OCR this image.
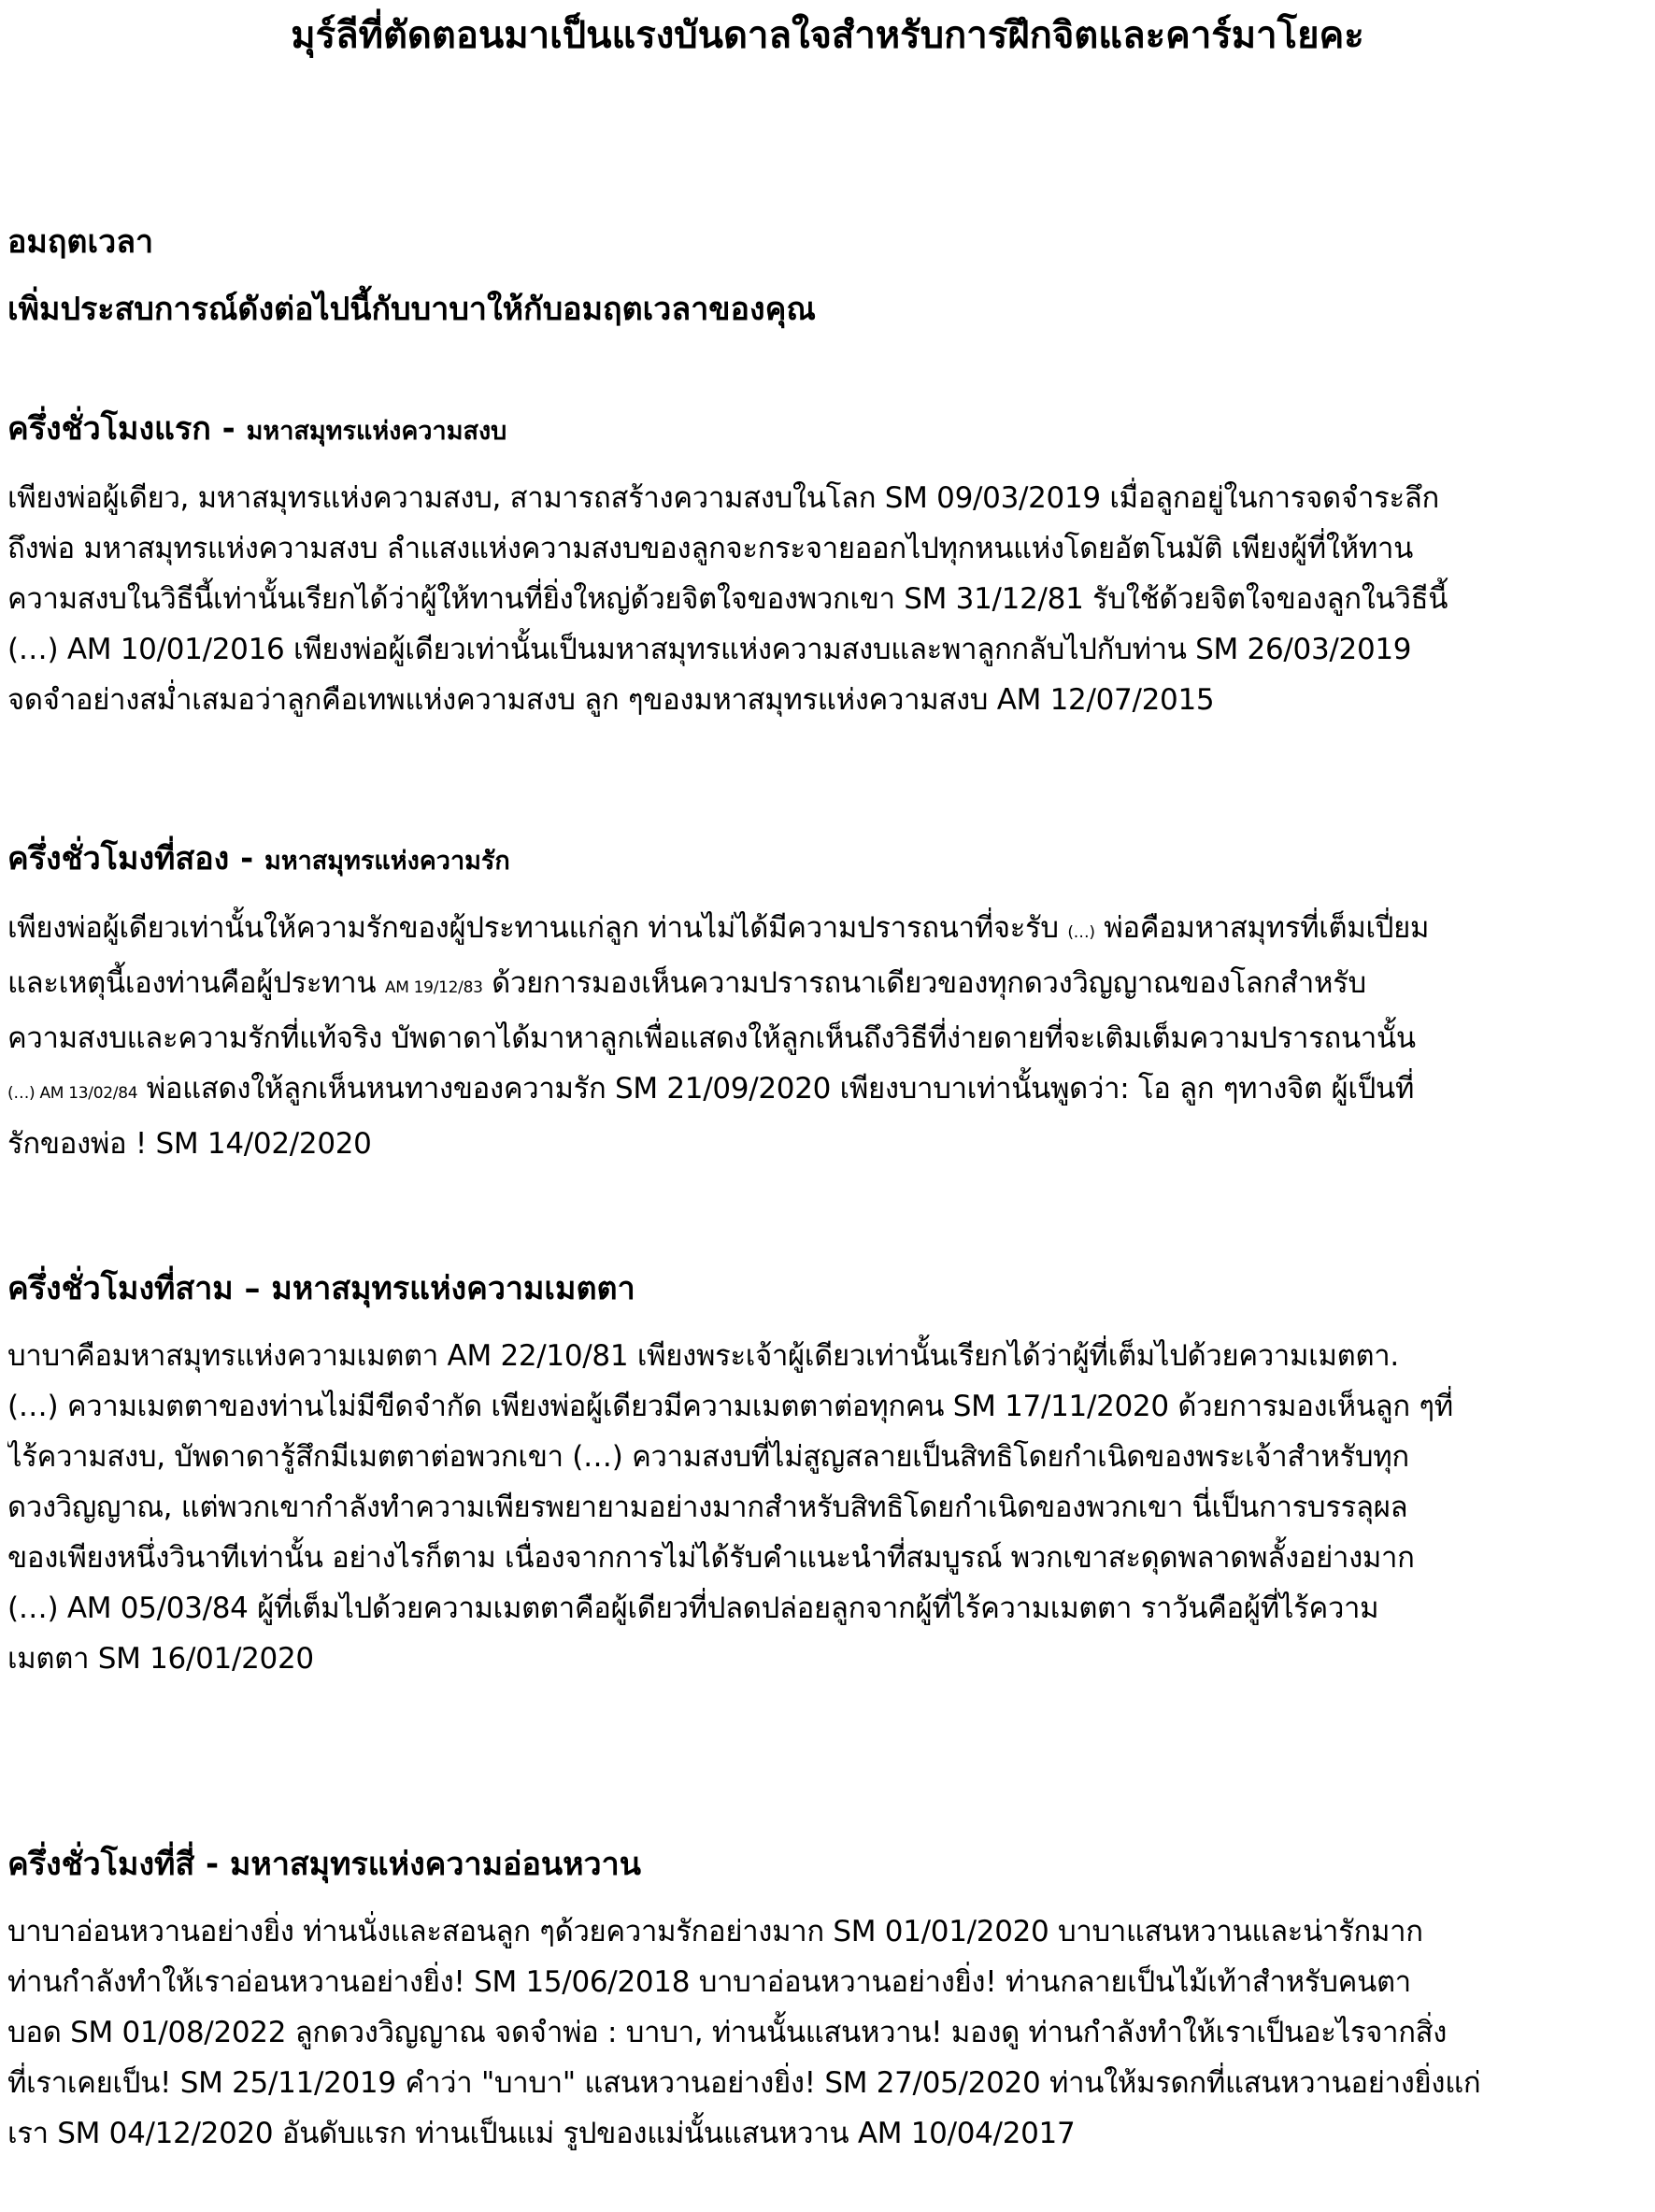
มุร์ลีที่ตัดตอนมาเป็นแรงบันดาลใจสำหรับการฝึกจิตและคาร์มาโยคะ

อมฤตเวลา

เพิ่มประสบการณ์ดังต่อไปนี้กับบาบาให้กับอมฤตเวลาของคุณ

ครึ่งชั่วโมงแรก - มหาสมุทรแห่งความสงบ
เพียงพ่อผู้เดียว, มหาสมุทรแห่งความสงบ, สามารถสร้างความสงบในโลก SM 09/03/2019 เมื่อลูกอยู่ในการจดจำระลึก
ถึงพ่อ มหาสมุทรแห่งความสงบ ลำแสงแห่งความสงบของลูกจะกระจายออกไปทุกหนแห่งโดยอัตโนมัติ เพียงผู้ที่ให้ทาน
ความสงบในวิธีนี้เท่านั้นเรียกได้ว่าผู้ให้ทานที่ยิ่งใหญ่ด้วยจิตใจของพวกเขา SM 31/12/81 รับใช้ด้วยจิตใจของลูกในวิธีนี้
(…) AM 10/01/2016 เพียงพ่อผู้เดียวเท่านั้นเป็นมหาสมุทรแห่งความสงบและพาลูกกลับไปกับท่าน SM 26/03/2019
จดจำอย่างสม่ำเสมอว่าลูกคือเทพแห่งความสงบ ลูก ๆของมหาสมุทรแห่งความสงบ AM 12/07/2015
ครึ่งชั่วโมงที่สอง - มหาสมุทรแห่งความรัก
เพียงพ่อผู้เดียวเท่านั้นให้ความรักของผู้ประทานแก่ลูก ท่านไม่ได้มีความปรารถนาที่จะรับ (…) พ่อคือมหาสมุทรที่เต็มเปี่ยม
และเหตุนี้เองท่านคือผู้ประทาน AM 19/12/83 ด้วยการมองเห็นความปรารถนาเดียวของทุกดวงวิญญาณของโลกสำหรับ
ความสงบและความรักที่แท้จริง บัพดาดาได้มาหาลูกเพื่อแสดงให้ลูกเห็นถึงวิธีที่ง่ายดายที่จะเติมเต็มความปรารถนานั้น
(…) AM 13/02/84 พ่อแสดงให้ลูกเห็นหนทางของความรัก SM 21/09/2020 เพียงบาบาเท่านั้นพูดว่า: โอ ลูก ๆทางจิต ผู้เป็นที่
รักของพ่อ ! SM 14/02/2020
ครึ่งชั่วโมงที่สาม – มหาสมุทรแห่งความเมตตา
บาบาคือมหาสมุทรแห่งความเมตตา AM 22/10/81 เพียงพระเจ้าผู้เดียวเท่านั้นเรียกได้ว่าผู้ที่เต็มไปด้วยความเมตตา.
(…) ความเมตตาของท่านไม่มีขีดจำกัด เพียงพ่อผู้เดียวมีความเมตตาต่อทุกคน SM 17/11/2020 ด้วยการมองเห็นลูก ๆที่
ไร้ความสงบ, บัพดาดารู้สึกมีเมตตาต่อพวกเขา (…) ความสงบที่ไม่สูญสลายเป็นสิทธิโดยกำเนิดของพระเจ้าสำหรับทุก
ดวงวิญญาณ, แต่พวกเขากำลังทำความเพียรพยายามอย่างมากสำหรับสิทธิโดยกำเนิดของพวกเขา นี่เป็นการบรรลุผล
ของเพียงหนึ่งวินาทีเท่านั้น อย่างไรก็ตาม เนื่องจากการไม่ได้รับคำแนะนำที่สมบูรณ์ พวกเขาสะดุดพลาดพลั้งอย่างมาก
(…) AM 05/03/84 ผู้ที่เต็มไปด้วยความเมตตาคือผู้เดียวที่ปลดปล่อยลูกจากผู้ที่ไร้ความเมตตา ราวันคือผู้ที่ไร้ความ
เมตตา SM 16/01/2020
ครึ่งชั่วโมงที่สี่ - มหาสมุทรแห่งความอ่อนหวาน
บาบาอ่อนหวานอย่างยิ่ง ท่านนั่งและสอนลูก ๆด้วยความรักอย่างมาก SM 01/01/2020 บาบาแสนหวานและน่ารักมาก
ท่านกำลังทำให้เราอ่อนหวานอย่างยิ่ง! SM 15/06/2018 บาบาอ่อนหวานอย่างยิ่ง! ท่านกลายเป็นไม้เท้าสำหรับคนตา
บอด SM 01/08/2022 ลูกดวงวิญญาณ จดจำพ่อ : บาบา, ท่านนั้นแสนหวาน! มองดู ท่านกำลังทำให้เราเป็นอะไรจากสิ่ง
ที่เราเคยเป็น! SM 25/11/2019 คำว่า "บาบา" แสนหวานอย่างยิ่ง! SM 27/05/2020 ท่านให้มรดกที่แสนหวานอย่างยิ่งแก่
เรา SM 04/12/2020 อันดับแรก ท่านเป็นแม่ รูปของแม่นั้นแสนหวาน AM 10/04/2017
